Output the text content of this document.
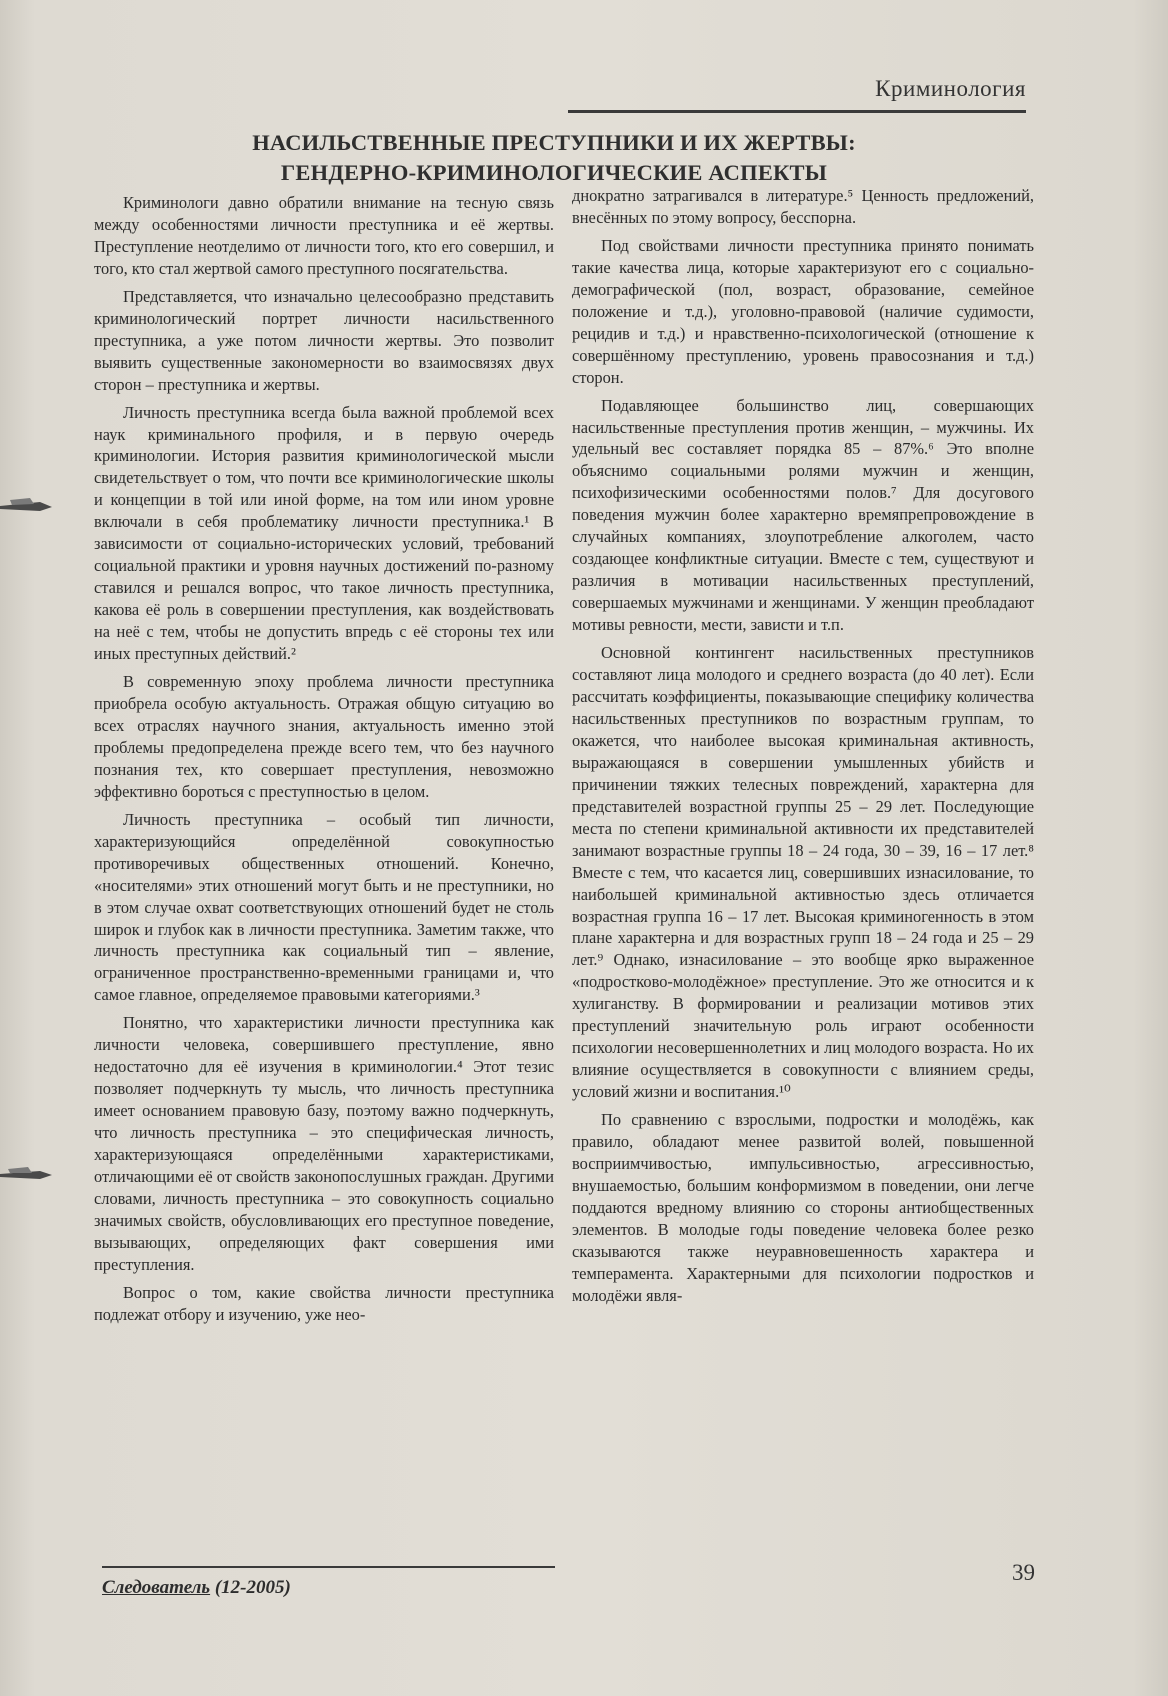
Криминология
НАСИЛЬСТВЕННЫЕ ПРЕСТУПНИКИ И ИХ ЖЕРТВЫ:
ГЕНДЕРНО-КРИМИНОЛОГИЧЕСКИЕ АСПЕКТЫ

Криминологи давно обратили внимание на тесную связь между особенностями личности преступника и её жертвы. Преступление неотделимо от личности того, кто его совершил, и того, кто стал жертвой самого преступного посягательства.

Представляется, что изначально целесообразно представить криминологический портрет личности насильственного преступника, а уже потом личности жертвы. Это позволит выявить существенные закономерности во взаимосвязях двух сторон – преступника и жертвы.

Личность преступника всегда была важной проблемой всех наук криминального профиля, и в первую очередь криминологии. История развития криминологической мысли свидетельствует о том, что почти все криминологические школы и концепции в той или иной форме, на том или ином уровне включали в себя проблематику личности преступника.¹ В зависимости от социально-исторических условий, требований социальной практики и уровня научных достижений по-разному ставился и решался вопрос, что такое личность преступника, какова её роль в совершении преступления, как воздействовать на неё с тем, чтобы не допустить впредь с её стороны тех или иных преступных действий.²

В современную эпоху проблема личности преступника приобрела особую актуальность. Отражая общую ситуацию во всех отраслях научного знания, актуальность именно этой проблемы предопределена прежде всего тем, что без научного познания тех, кто совершает преступления, невозможно эффективно бороться с преступностью в целом.

Личность преступника – особый тип личности, характеризующийся определённой совокупностью противоречивых общественных отношений. Конечно, «носителями» этих отношений могут быть и не преступники, но в этом случае охват соответствующих отношений будет не столь широк и глубок как в личности преступника. Заметим также, что личность преступника как социальный тип – явление, ограниченное пространственно-временными границами и, что самое главное, определяемое правовыми категориями.³

Понятно, что характеристики личности преступника как личности человека, совершившего преступление, явно недостаточно для её изучения в криминологии.⁴ Этот тезис позволяет подчеркнуть ту мысль, что личность преступника имеет основанием правовую базу, поэтому важно подчеркнуть, что личность преступника – это специфическая личность, характеризующаяся определёнными характеристиками, отличающими её от свойств законопослушных граждан. Другими словами, личность преступника – это совокупность социально значимых свойств, обусловливающих его преступное поведение, вызывающих, определяющих факт совершения ими преступления.

Вопрос о том, какие свойства личности преступника подлежат отбору и изучению, уже нео-

днократно затрагивался в литературе.⁵ Ценность предложений, внесённых по этому вопросу, бесспорна.

Под свойствами личности преступника принято понимать такие качества лица, которые характеризуют его с социально-демографической (пол, возраст, образование, семейное положение и т.д.), уголовно-правовой (наличие судимости, рецидив и т.д.) и нравственно-психологической (отношение к совершённому преступлению, уровень правосознания и т.д.) сторон.

Подавляющее большинство лиц, совершающих насильственные преступления против женщин, – мужчины. Их удельный вес составляет порядка 85 – 87%.⁶ Это вполне объяснимо социальными ролями мужчин и женщин, психофизическими особенностями полов.⁷ Для досугового поведения мужчин более характерно времяпрепровождение в случайных компаниях, злоупотребление алкоголем, часто создающее конфликтные ситуации. Вместе с тем, существуют и различия в мотивации насильственных преступлений, совершаемых мужчинами и женщинами. У женщин преобладают мотивы ревности, мести, зависти и т.п.

Основной контингент насильственных преступников составляют лица молодого и среднего возраста (до 40 лет). Если рассчитать коэффициенты, показывающие специфику количества насильственных преступников по возрастным группам, то окажется, что наиболее высокая криминальная активность, выражающаяся в совершении умышленных убийств и причинении тяжких телесных повреждений, характерна для представителей возрастной группы 25 – 29 лет. Последующие места по степени криминальной активности их представителей занимают возрастные группы 18 – 24 года, 30 – 39, 16 – 17 лет.⁸ Вместе с тем, что касается лиц, совершивших изнасилование, то наибольшей криминальной активностью здесь отличается возрастная группа 16 – 17 лет. Высокая криминогенность в этом плане характерна и для возрастных групп 18 – 24 года и 25 – 29 лет.⁹ Однако, изнасилование – это вообще ярко выраженное «подростково-молодёжное» преступление. Это же относится и к хулиганству. В формировании и реализации мотивов этих преступлений значительную роль играют особенности психологии несовершеннолетних и лиц молодого возраста. Но их влияние осуществляется в совокупности с влиянием среды, условий жизни и воспитания.¹⁰

По сравнению с взрослыми, подростки и молодёжь, как правило, обладают менее развитой волей, повышенной восприимчивостью, импульсивностью, агрессивностью, внушаемостью, большим конформизмом в поведении, они легче поддаются вредному влиянию со стороны антиобщественных элементов. В молодые годы поведение человека более резко сказываются также неуравновешенность характера и темперамента. Характерными для психологии подростков и молодёжи явля-

Следователь (12-2005)
39
